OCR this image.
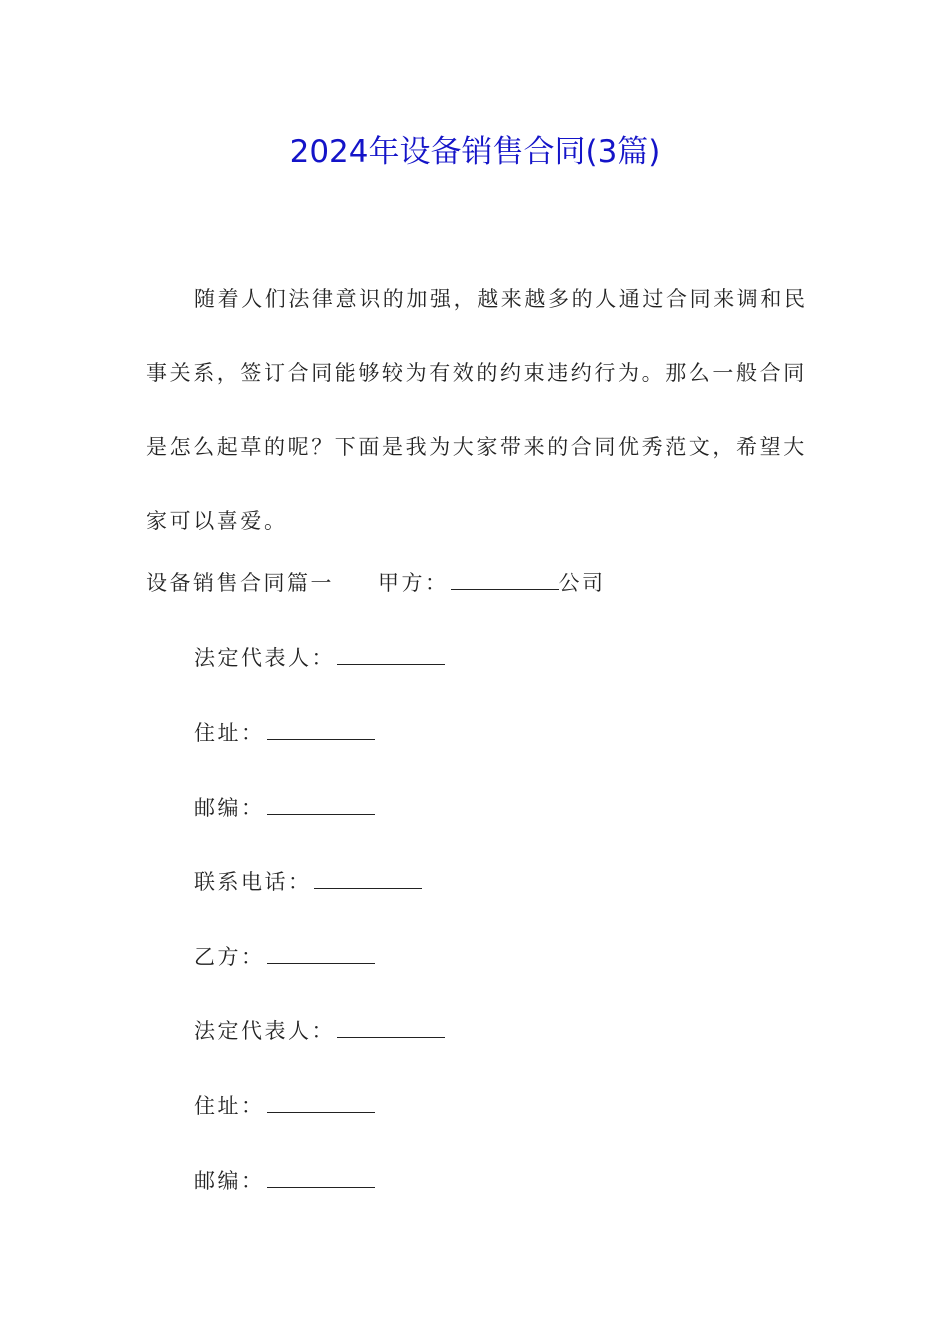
2024年设备销售合同(3篇)

随着人们法律意识的加强，越来越多的人通过合同来调和民事关系，签订合同能够较为有效的约束违约行为。那么一般合同是怎么起草的呢？下面是我为大家带来的合同优秀范文，希望大家可以喜爱。

设备销售合同篇一 甲方：	公司
法定代表人：
住址：
邮编：
联系电话：
乙方：
法定代表人：
住址：
邮编：
